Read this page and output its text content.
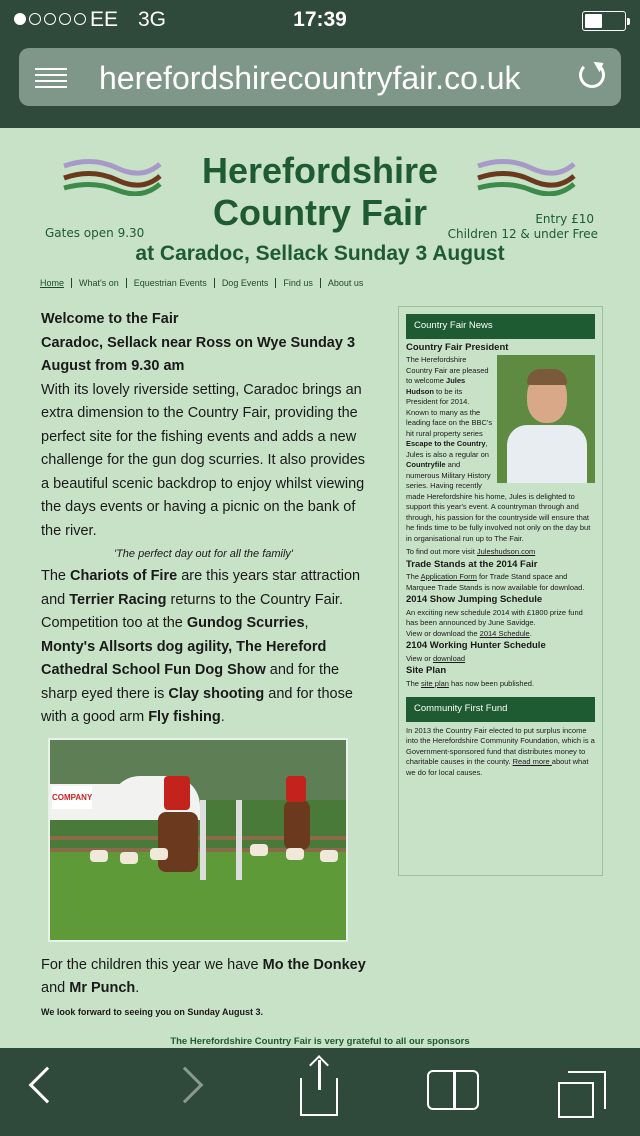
EE 3G	17:39
herefordshirecountryfair.co.uk
Herefordshire
Country Fair
Gates open 9.30
Entry £10
Children 12 & under Free
at Caradoc, Sellack Sunday 3 August
Home	What's on	Equestrian Events	Dog Events	Find us	About us
Welcome to the Fair
Caradoc, Sellack near Ross on Wye Sunday 3 August from 9.30 am

With its lovely riverside setting, Caradoc brings an extra dimension to the Country Fair, providing the perfect site for the fishing events and adds a new challenge for the gun dog scurries. It also provides a beautiful scenic backdrop to enjoy whilst viewing the days events or having a picnic on the bank of the river.

'The perfect day out for all the family'

The Chariots of Fire are this years star attraction and Terrier Racing returns to the Country Fair. Competition too at the Gundog Scurries, Monty's Allsorts dog agility, The Hereford Cathedral School Fun Dog Show and for the sharp eyed there is Clay shooting and for those with a good arm Fly fishing.

COMPANY

For the children this year we have Mo the Donkey and Mr Punch.

We look forward to seeing you on Sunday August 3.

The Herefordshire Country Fair is very grateful to all our sponsors
Country Fair News
Country Fair President

The Herefordshire Country Fair are pleased to welcome Jules Hudson to be its President for 2014. Known to many as the leading face on the BBC's hit rural property series Escape to the Country, Jules is also a regular on Countryfile and numerous Military History series. Having recently made Herefordshire his home, Jules is delighted to support this year's event. A countryman through and through, his passion for the countryside will ensure that he finds time to be fully involved not only on the day but in organisational run up to The Fair.

To find out more visit Juleshudson.com

Trade Stands at the 2014 Fair

The Application Form for Trade Stand space and Marquee Trade Stands is now available for download.

2014 Show Jumping Schedule

An exciting new schedule 2014 with £1800 prize fund has been announced by June Savidge.

View or download the 2014 Schedule.

2104 Working Hunter Schedule

View or download

Site Plan

The site plan has now been published.

Community First Fund

In 2013 the Country Fair elected to put surplus income into the Herefordshire Community Foundation, which is a Government-sponsored fund that distributes money to charitable causes in the county. Read more about what we do for local causes.
